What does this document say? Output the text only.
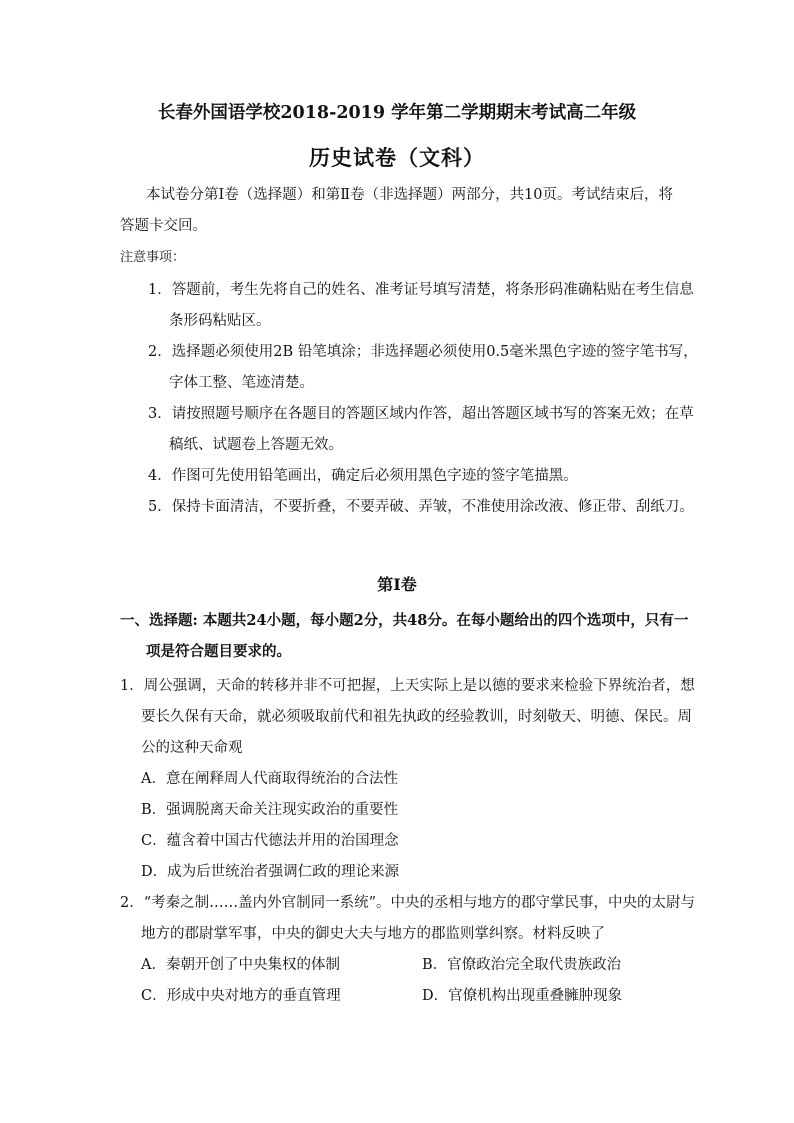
长春外国语学校2018-2019 学年第二学期期末考试高二年级
历史试卷（文科）
本试卷分第Ⅰ卷（选择题）和第Ⅱ卷（非选择题）两部分，共10页。考试结束后，将
答题卡交回。
注意事项：
1．答题前，考生先将自己的姓名、准考证号填写清楚，将条形码准确粘贴在考生信息
条形码粘贴区。
2．选择题必须使用2B 铅笔填涂；非选择题必须使用0.5毫米黑色字迹的签字笔书写，
字体工整、笔迹清楚。
3．请按照题号顺序在各题目的答题区域内作答，超出答题区域书写的答案无效；在草
稿纸、试题卷上答题无效。
4．作图可先使用铅笔画出，确定后必须用黑色字迹的签字笔描黑。
5．保持卡面清洁，不要折叠，不要弄破、弄皱，不准使用涂改液、修正带、刮纸刀。
第Ⅰ卷
一、选择题: 本题共24小题，每小题2分，共48分。在每小题给出的四个选项中，只有一
项是符合题目要求的。
1．周公强调，天命的转移并非不可把握，上天实际上是以德的要求来检验下界统治者，想
要长久保有天命，就必须吸取前代和祖先执政的经验教训，时刻敬天、明德、保民。周
公的这种天命观
A．意在阐释周人代商取得统治的合法性
B．强调脱离天命关注现实政治的重要性
C．蕴含着中国古代德法并用的治国理念
D．成为后世统治者强调仁政的理论来源
2．“考秦之制……盖内外官制同一系统”。中央的丞相与地方的郡守掌民事，中央的太尉与
地方的郡尉掌军事，中央的御史大夫与地方的郡监则掌纠察。材料反映了
A．秦朝开创了中央集权的体制	B．官僚政治完全取代贵族政治
C．形成中央对地方的垂直管理	D．官僚机构出现重叠臃肿现象
